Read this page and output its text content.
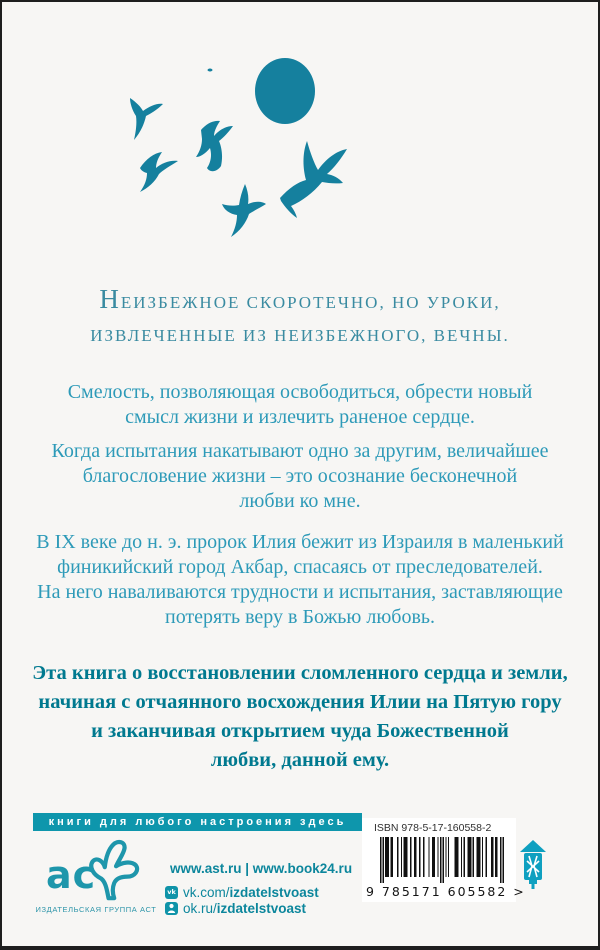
НЕИЗБЕЖНОЕ СКОРОТЕЧНО, НО УРОКИ,
ИЗВЛЕЧЕННЫЕ ИЗ НЕИЗБЕЖНОГО, ВЕЧНЫ.
Смелость, позволяющая освободиться, обрести новый
смысл жизни и излечить раненое сердце.
Когда испытания накатывают одно за другим, величайшее
благословение жизни – это осознание бесконечной
любви ко мне.
В IX веке до н. э. пророк Илия бежит из Израиля в маленький
финикийский город Акбар, спасаясь от преследователей.
На него наваливаются трудности и испытания, заставляющие
потерять веру в Божью любовь.
Эта книга о восстановлении сломленного сердца и земли,
начиная с отчаянного восхождения Илии на Пятую гору
и заканчивая открытием чуда Божественной
любви, данной ему.
книги для любого настроения здесь
ас
ИЗДАТЕЛЬСКАЯ ГРУППА АСТ
www.ast.ru | www.book24.ru
vk vk.com/izdatelstvoast
ok.ru/izdatelstvoast
ISBN 978-5-17-160558-2
9 785171 605582 >
